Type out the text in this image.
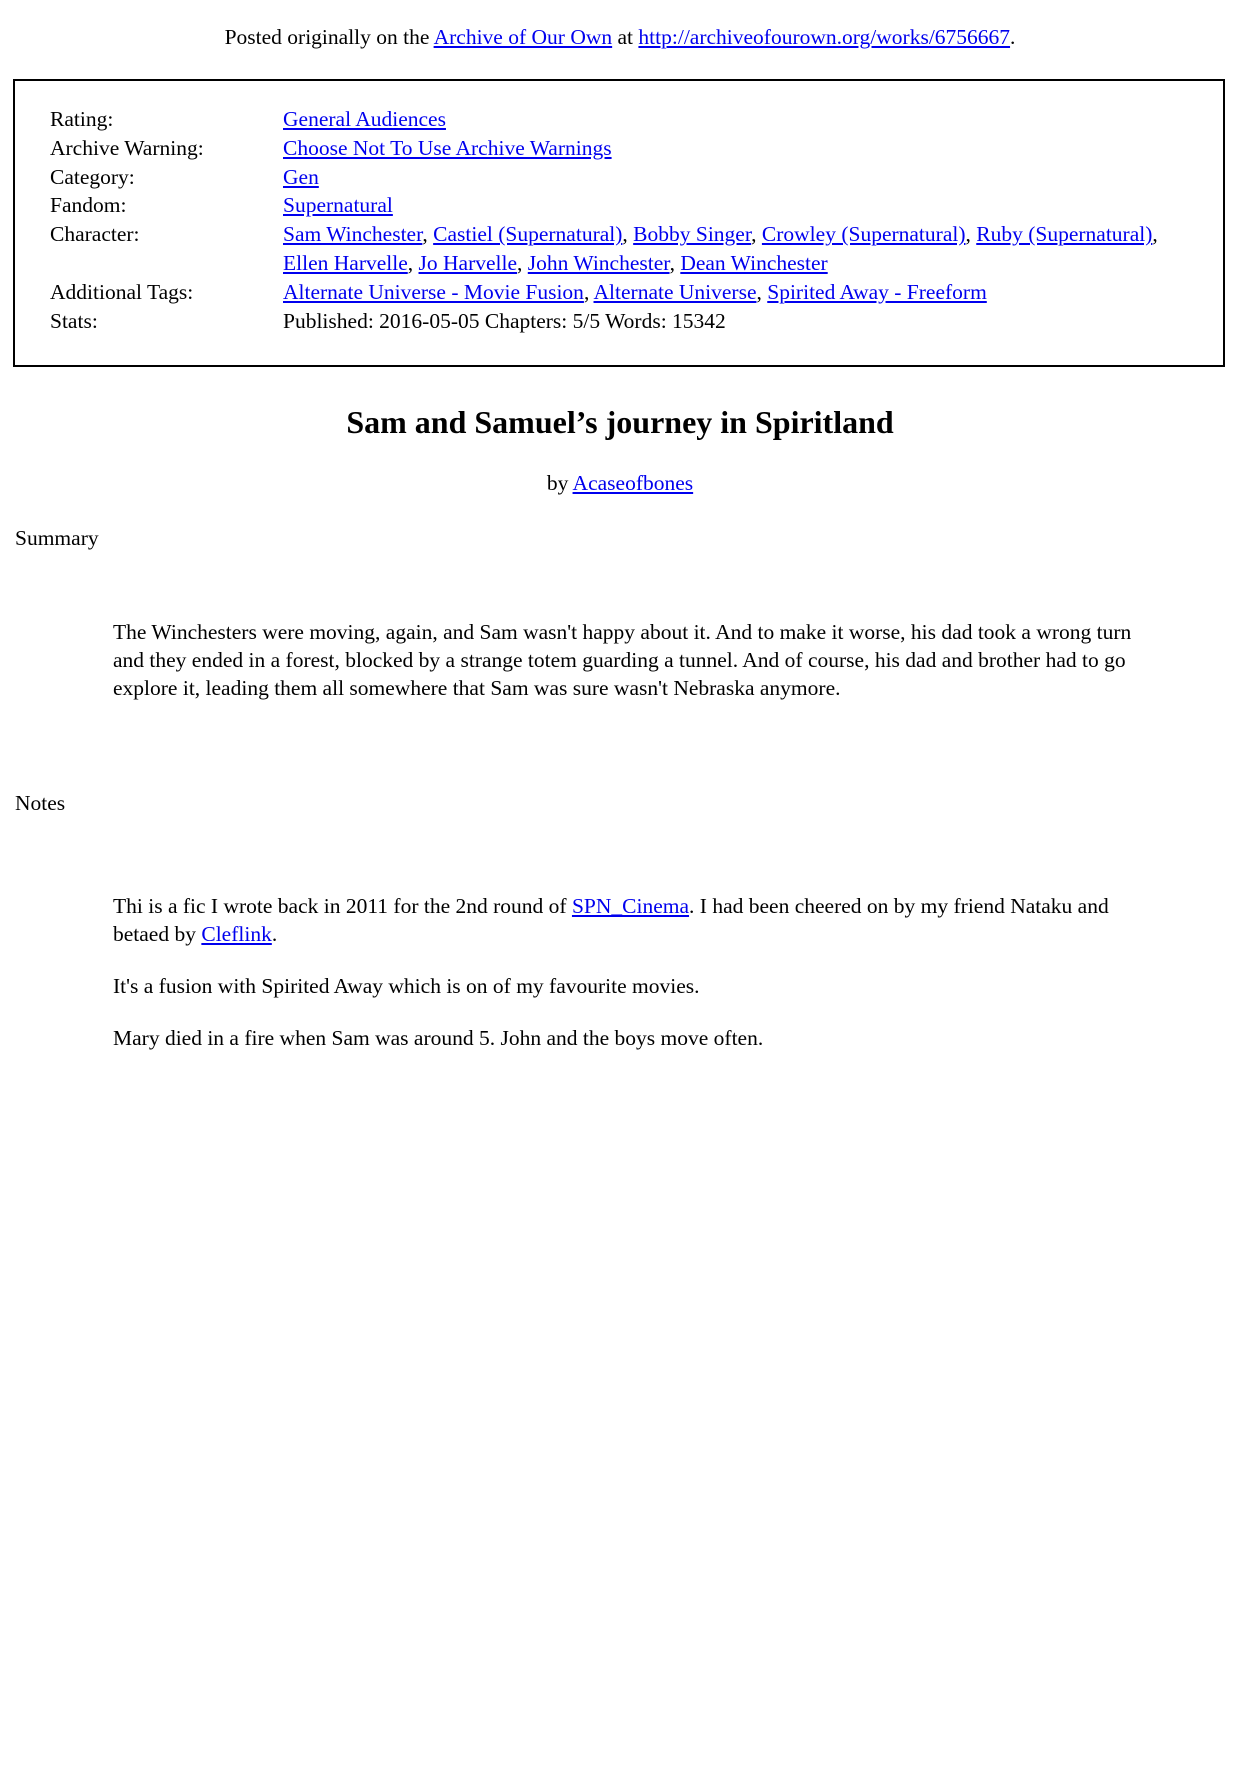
Posted originally on the Archive of Our Own at http://archiveofourown.org/works/6756667.

Rating:	General Audiences
Archive Warning:	Choose Not To Use Archive Warnings
Category:	Gen
Fandom:	Supernatural
Character:	Sam Winchester, Castiel (Supernatural), Bobby Singer, Crowley (Supernatural), Ruby (Supernatural), Ellen Harvelle, Jo Harvelle, John Winchester, Dean Winchester
Additional Tags:	Alternate Universe - Movie Fusion, Alternate Universe, Spirited Away - Freeform
Stats:	Published: 2016-05-05 Chapters: 5/5 Words: 15342
Sam and Samuel’s journey in Spiritland
by Acaseofbones

Summary

The Winchesters were moving, again, and Sam wasn't happy about it. And to make it worse, his dad took a wrong turn and they ended in a forest, blocked by a strange totem guarding a tunnel. And of course, his dad and brother had to go explore it, leading them all somewhere that Sam was sure wasn't Nebraska anymore.

Notes

Thi is a fic I wrote back in 2011 for the 2nd round of SPN_Cinema. I had been cheered on by my friend Nataku and betaed by Cleflink.

It's a fusion with Spirited Away which is on of my favourite movies.

Mary died in a fire when Sam was around 5. John and the boys move often.
